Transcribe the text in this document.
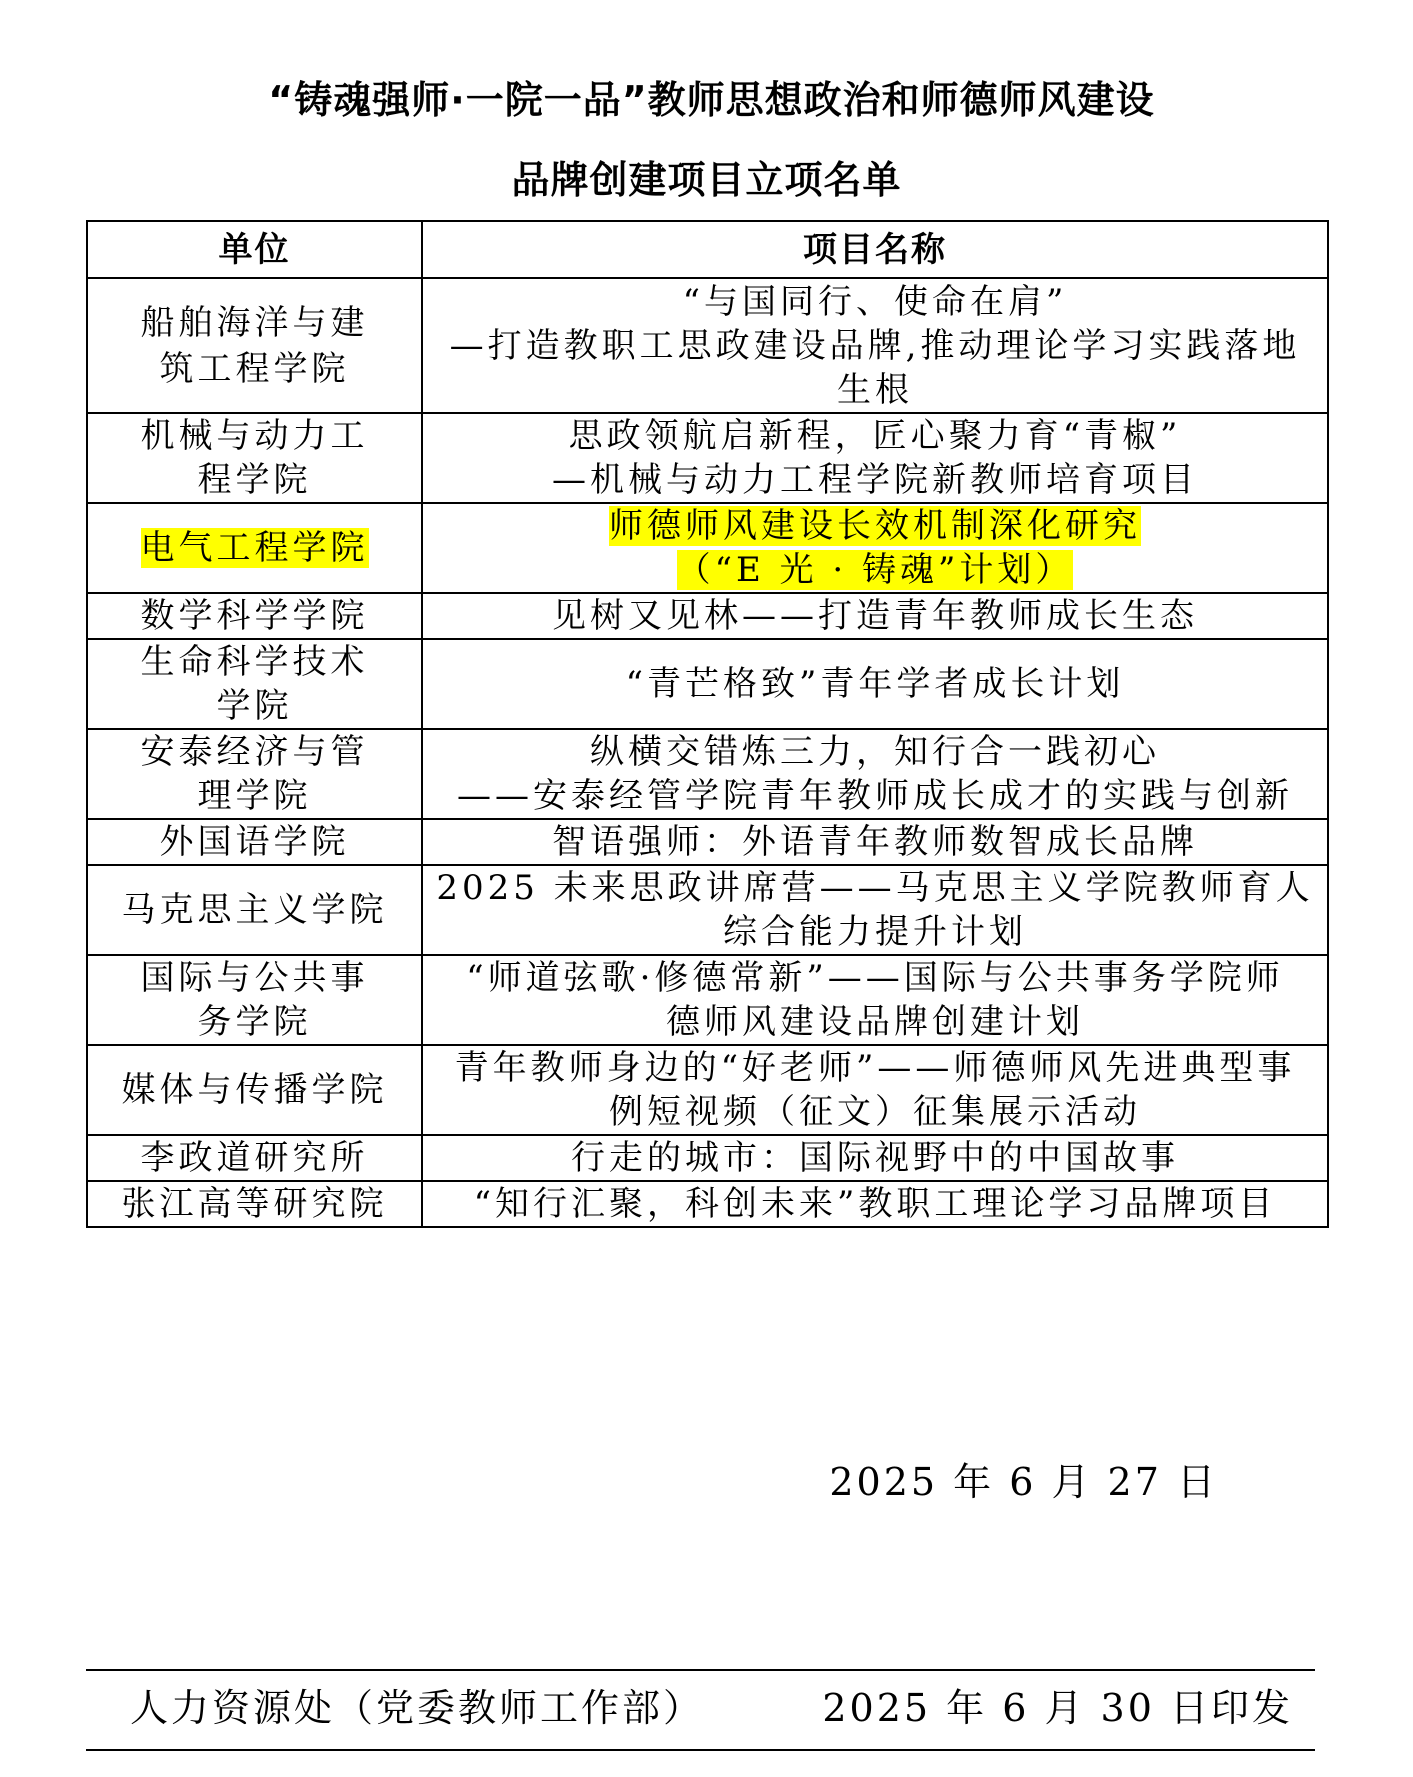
“铸魂强师·一院一品”教师思想政治和师德师风建设
品牌创建项目立项名单
单位	项目名称
船舶海洋与建筑工程学院	“与国同行、使命在肩”
—打造教职工思政建设品牌,推动理论学习实践落地
生根

机械与动力工程学院	思政领航启新程，匠心聚力育“青椒”
—机械与动力工程学院新教师培育项目

电气工程学院	师德师风建设长效机制深化研究
（“E 光 · 铸魂”计划）

数学科学学院	见树又见林——打造青年教师成长生态

生命科学技术学院	“青芒格致”青年学者成长计划

安泰经济与管理学院	纵横交错炼三力，知行合一践初心
——安泰经管学院青年教师成长成才的实践与创新

外国语学院	智语强师：外语青年教师数智成长品牌

马克思主义学院	2025 未来思政讲席营——马克思主义学院教师育人
综合能力提升计划

国际与公共事务学院	“师道弦歌·修德常新”——国际与公共事务学院师
德师风建设品牌创建计划

媒体与传播学院	青年教师身边的“好老师”——师德师风先进典型事
例短视频（征文）征集展示活动

李政道研究所	行走的城市：国际视野中的中国故事

张江高等研究院	“知行汇聚，科创未来”教职工理论学习品牌项目
2025 年 6 月 27 日
人力资源处（党委教师工作部）	2025 年 6 月 30 日印发
